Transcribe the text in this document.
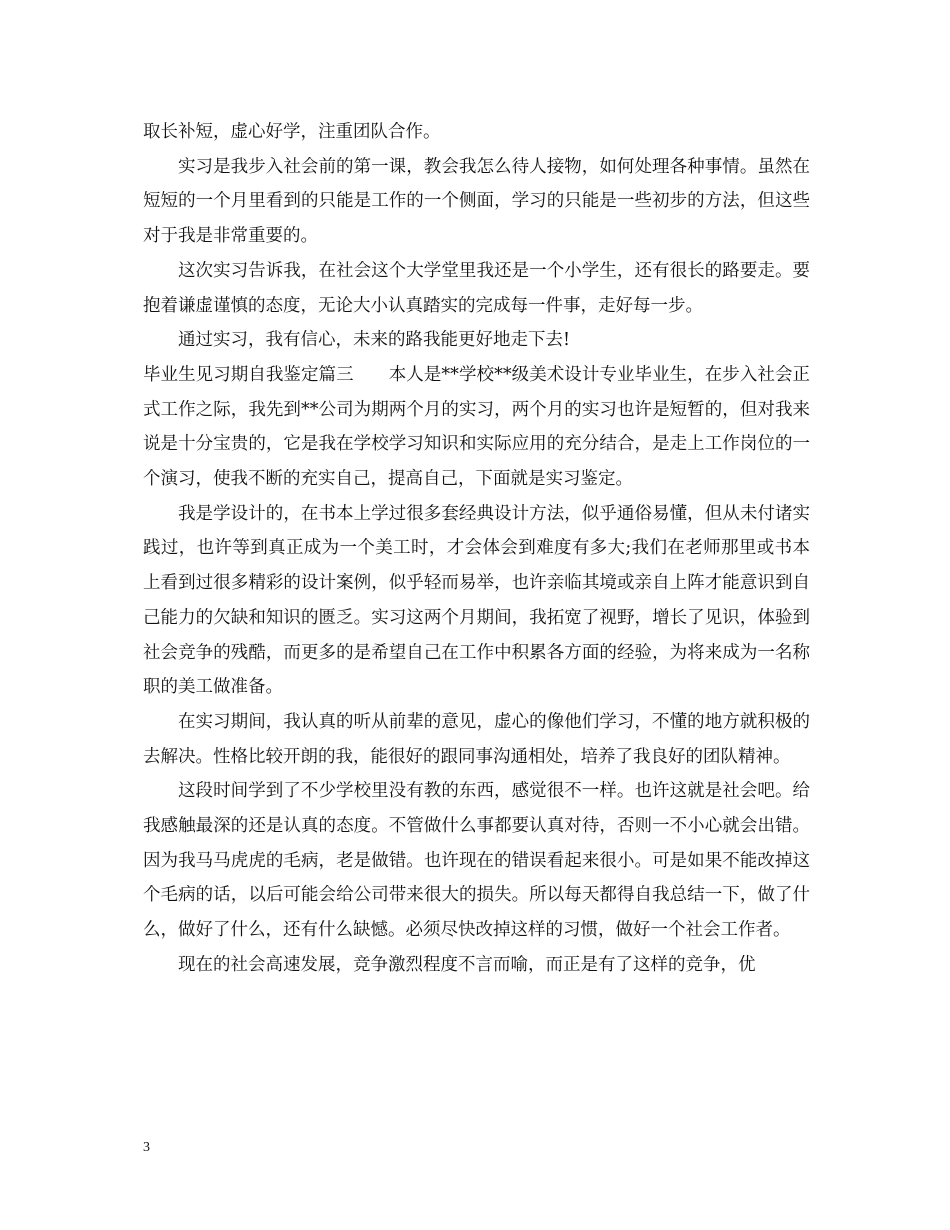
取长补短，虚心好学，注重团队合作。

实习是我步入社会前的第一课，教会我怎么待人接物，如何处理各种事情。虽然在短短的一个月里看到的只能是工作的一个侧面，学习的只能是一些初步的方法，但这些对于我是非常重要的。

这次实习告诉我，在社会这个大学堂里我还是一个小学生，还有很长的路要走。要抱着谦虚谨慎的态度，无论大小认真踏实的完成每一件事，走好每一步。

通过实习，我有信心，未来的路我能更好地走下去!

毕业生见习期自我鉴定篇三　　本人是**学校**级美术设计专业毕业生，在步入社会正式工作之际，我先到**公司为期两个月的实习，两个月的实习也许是短暂的，但对我来说是十分宝贵的，它是我在学校学习知识和实际应用的充分结合，是走上工作岗位的一个演习，使我不断的充实自己，提高自己，下面就是实习鉴定。

我是学设计的，在书本上学过很多套经典设计方法，似乎通俗易懂，但从未付诸实践过，也许等到真正成为一个美工时，才会体会到难度有多大;我们在老师那里或书本上看到过很多精彩的设计案例，似乎轻而易举，也许亲临其境或亲自上阵才能意识到自己能力的欠缺和知识的匮乏。实习这两个月期间，我拓宽了视野，增长了见识，体验到社会竞争的残酷，而更多的是希望自己在工作中积累各方面的经验，为将来成为一名称职的美工做准备。

在实习期间，我认真的听从前辈的意见，虚心的像他们学习，不懂的地方就积极的去解决。性格比较开朗的我，能很好的跟同事沟通相处，培养了我良好的团队精神。

这段时间学到了不少学校里没有教的东西，感觉很不一样。也许这就是社会吧。给我感触最深的还是认真的态度。不管做什么事都要认真对待，否则一不小心就会出错。因为我马马虎虎的毛病，老是做错。也许现在的错误看起来很小。可是如果不能改掉这个毛病的话，以后可能会给公司带来很大的损失。所以每天都得自我总结一下，做了什么，做好了什么，还有什么缺憾。必须尽快改掉这样的习惯，做好一个社会工作者。

现在的社会高速发展，竞争激烈程度不言而喻，而正是有了这样的竞争，优

3
